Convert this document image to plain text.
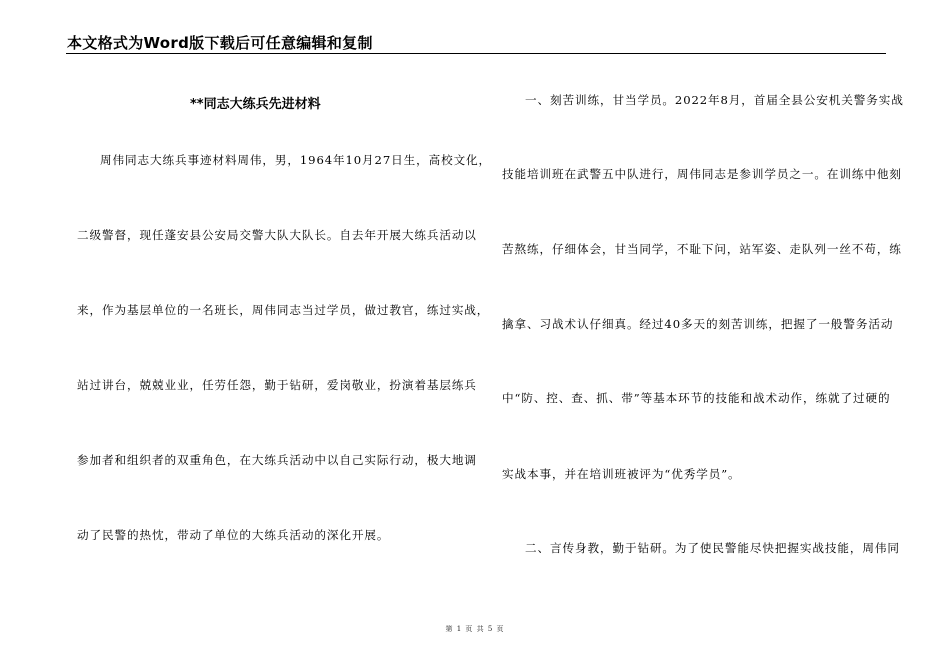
本文格式为Word版下载后可任意编辑和复制
**同志大练兵先进材料
周伟同志大练兵事迹材料周伟，男，1964年10月27日生，高校文化，
二级警督，现任蓬安县公安局交警大队大队长。自去年开展大练兵活动以
来，作为基层单位的一名班长，周伟同志当过学员，做过教官，练过实战，
站过讲台，兢兢业业，任劳任怨，勤于钻研，爱岗敬业，扮演着基层练兵
参加者和组织者的双重角色，在大练兵活动中以自己实际行动，极大地调
动了民警的热忱，带动了单位的大练兵活动的深化开展。
一、刻苦训练，甘当学员。2022年8月，首届全县公安机关警务实战
技能培训班在武警五中队进行，周伟同志是参训学员之一。在训练中他刻
苦熬练，仔细体会，甘当同学，不耻下问，站军姿、走队列一丝不苟，练
擒拿、习战术认仔细真。经过40多天的刻苦训练，把握了一般警务活动
中“防、控、查、抓、带”等基本环节的技能和战术动作，练就了过硬的
实战本事，并在培训班被评为“优秀学员”。
二、言传身教，勤于钻研。为了使民警能尽快把握实战技能，周伟同
第 1 页 共 5 页
